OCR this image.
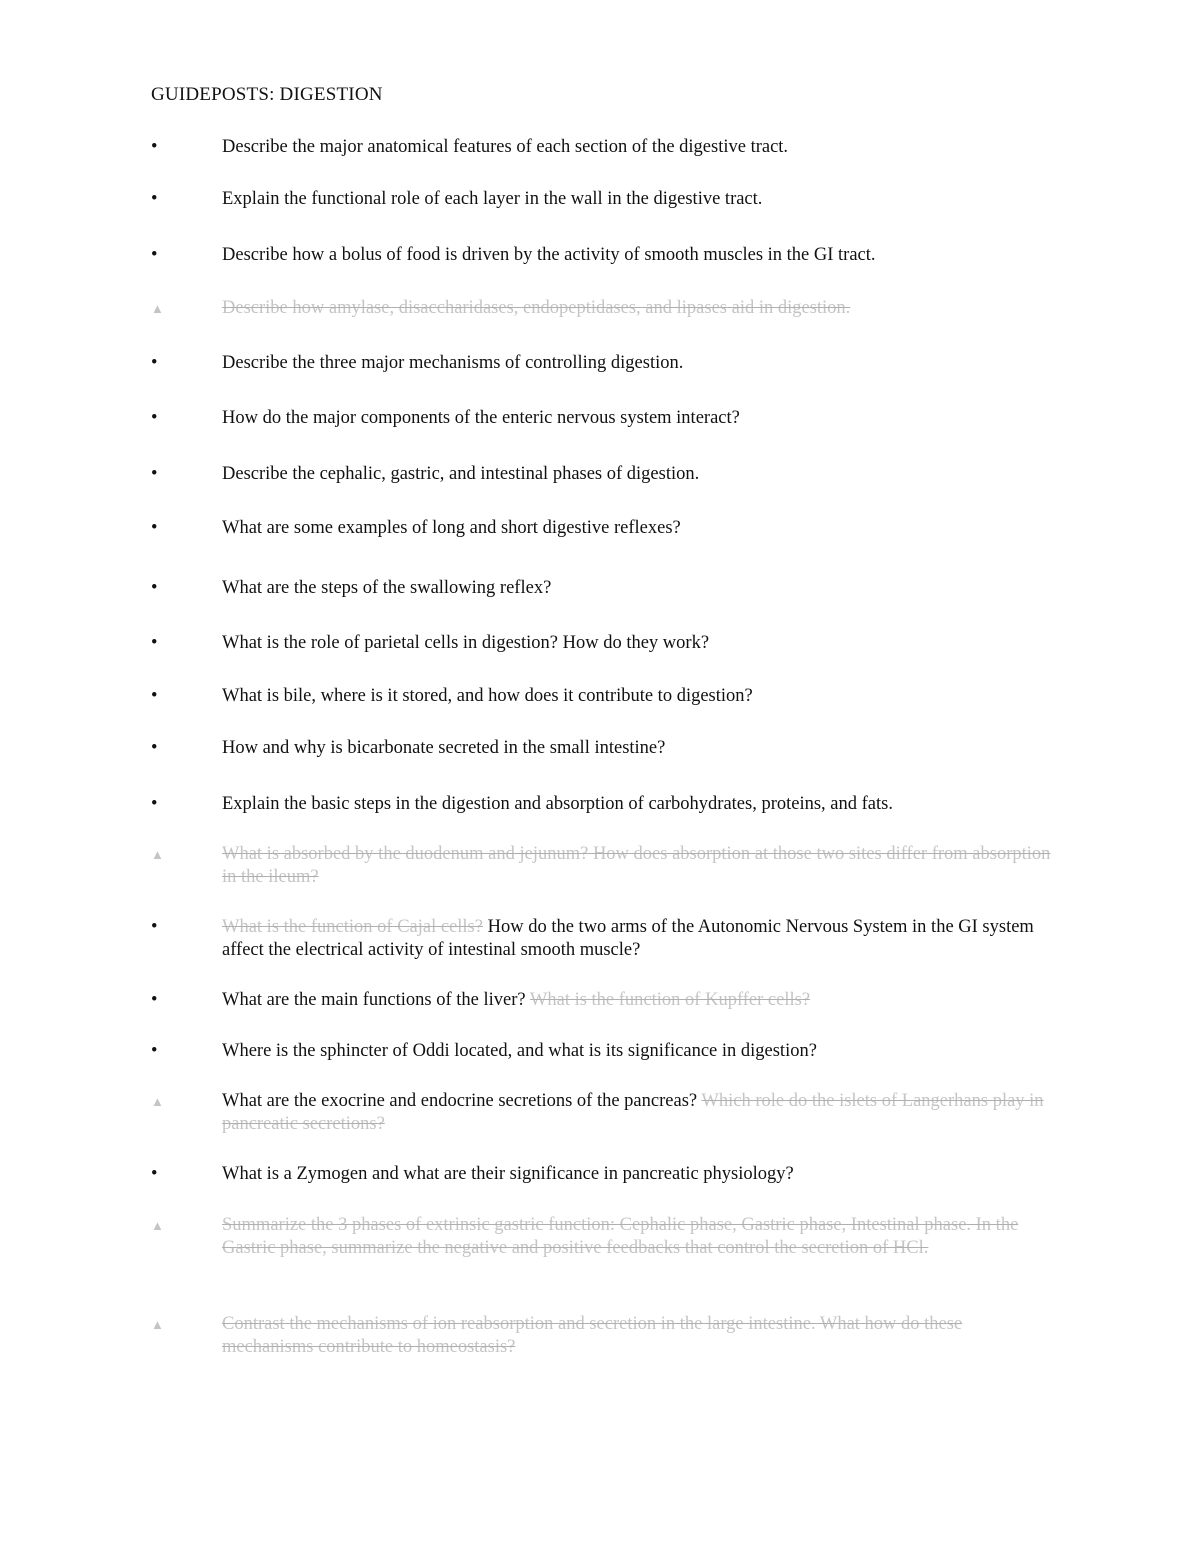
GUIDEPOSTS: DIGESTION
•	Describe the major anatomical features of each section of the digestive tract.
•	Explain the functional role of each layer in the wall in the digestive tract.
•	Describe how a bolus of food is driven by the activity of smooth muscles in the GI tract.
▲	Describe how amylase, disaccharidases, endopeptidases, and lipases aid in digestion.
•	Describe the three major mechanisms of controlling digestion.
•	How do the major components of the enteric nervous system interact?
•	Describe the cephalic, gastric, and intestinal phases of digestion.
•	What are some examples of long and short digestive reflexes?
•	What are the steps of the swallowing reflex?
•	What is the role of parietal cells in digestion? How do they work?
•	What is bile, where is it stored, and how does it contribute to digestion?
•	How and why is bicarbonate secreted in the small intestine?
•	Explain the basic steps in the digestion and absorption of carbohydrates, proteins, and fats.
▲	What is absorbed by the duodenum and jejunum? How does absorption at those two sites differ from absorption in the ileum?
•	What is the function of Cajal cells? How do the two arms of the Autonomic Nervous System in the GI system affect the electrical activity of intestinal smooth muscle?
•	What are the main functions of the liver? What is the function of Kupffer cells?
•	Where is the sphincter of Oddi located, and what is its significance in digestion?
▲	What are the exocrine and endocrine secretions of the pancreas? Which role do the islets of Langerhans play in pancreatic secretions?
•	What is a Zymogen and what are their significance in pancreatic physiology?
▲	Summarize the 3 phases of extrinsic gastric function: Cephalic phase, Gastric phase, Intestinal phase. In the Gastric phase, summarize the negative and positive feedbacks that control the secretion of HCl.
▲	Contrast the mechanisms of ion reabsorption and secretion in the large intestine. What how do these mechanisms contribute to homeostasis?
